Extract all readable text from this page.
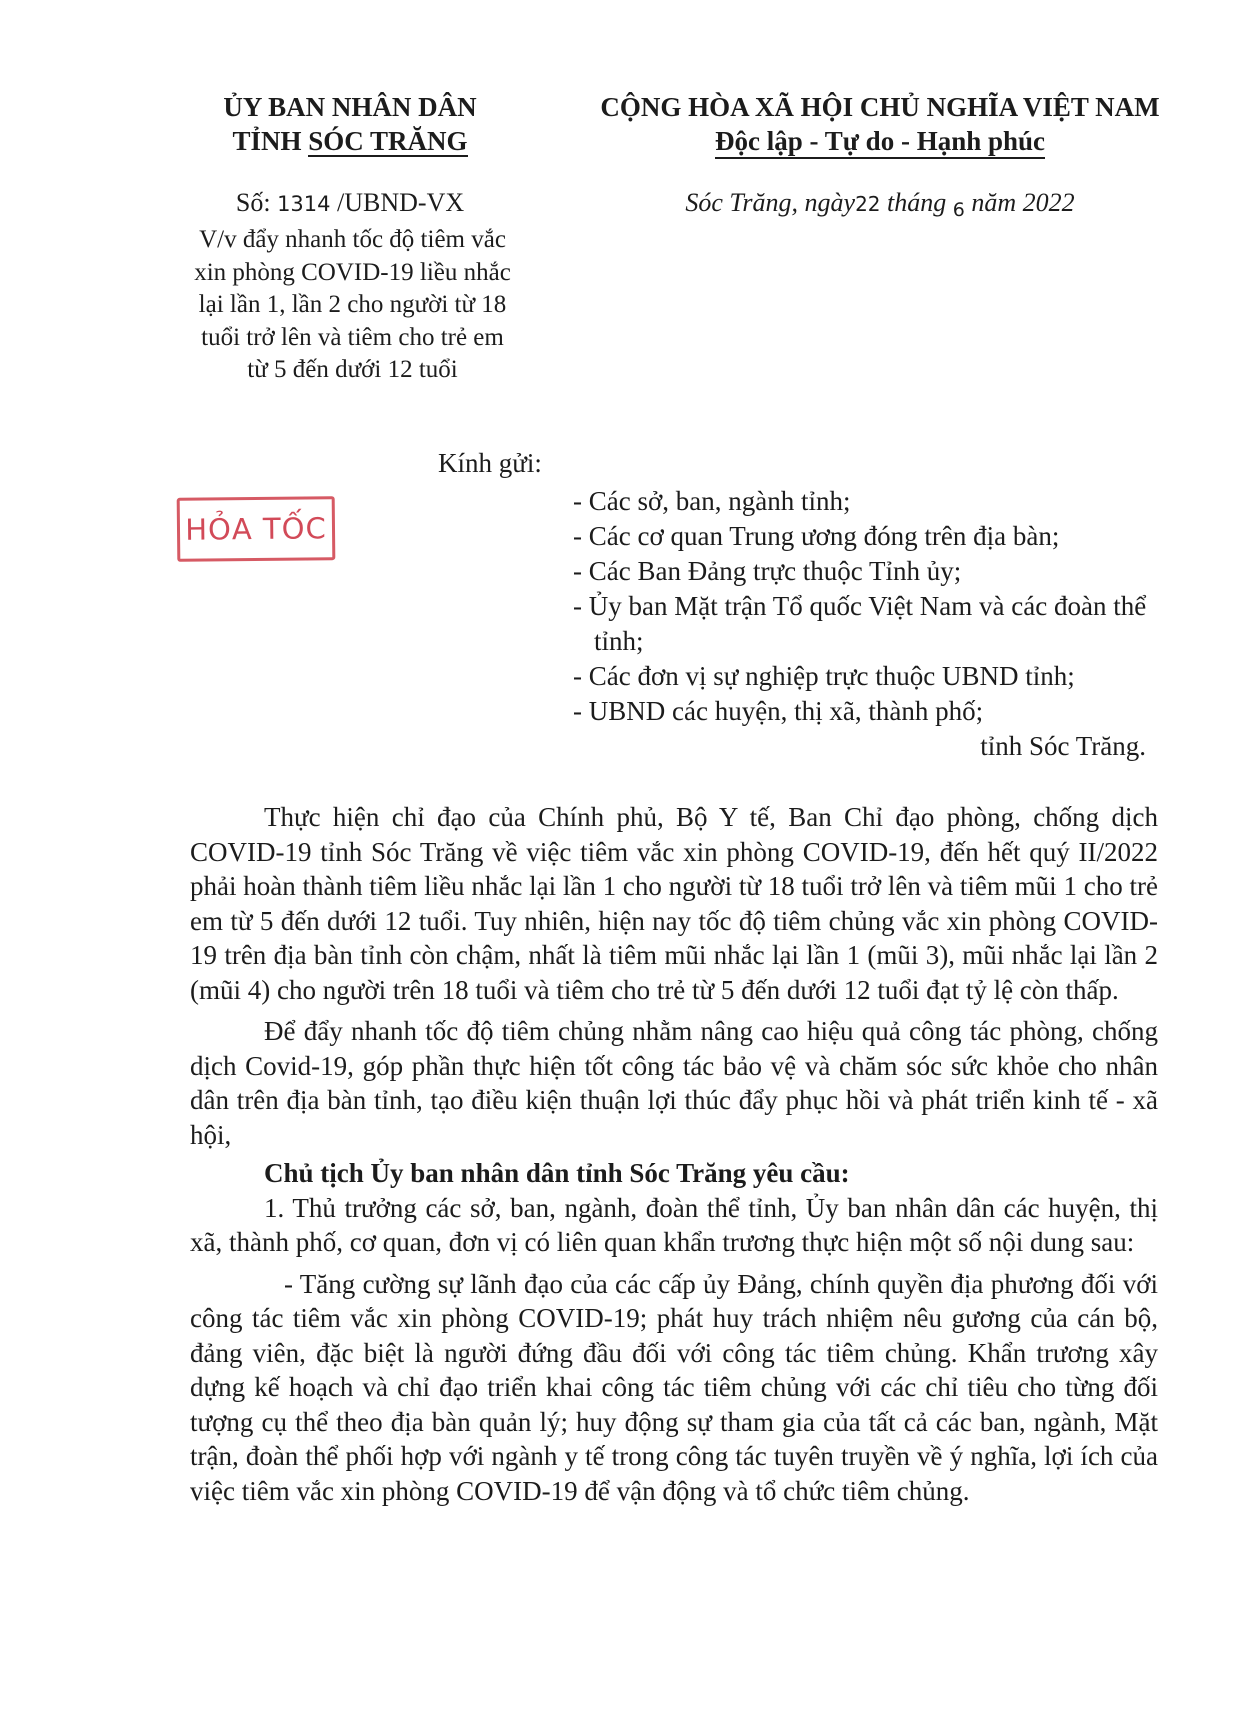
ỦY BAN NHÂN DÂN
TỈNH SÓC TRĂNG
CỘNG HÒA XÃ HỘI CHỦ NGHĨA VIỆT NAM
Độc lập - Tự do - Hạnh phúc
Số: 1314 /UBND-VX
V/v đẩy nhanh tốc độ tiêm vắc
xin phòng COVID-19 liều nhắc
lại lần 1, lần 2 cho người từ 18
tuổi trở lên và tiêm cho trẻ em
từ 5 đến dưới 12 tuổi
Sóc Trăng, ngày22 tháng 6 năm 2022
HỎA TỐC
Kính gửi:
- Các sở, ban, ngành tỉnh;
- Các cơ quan Trung ương đóng trên địa bàn;
- Các Ban Đảng trực thuộc Tỉnh ủy;
- Ủy ban Mặt trận Tổ quốc Việt Nam và các đoàn thể tỉnh;
- Các đơn vị sự nghiệp trực thuộc UBND tỉnh;
- UBND các huyện, thị xã, thành phố;
tỉnh Sóc Trăng.

Thực hiện chỉ đạo của Chính phủ, Bộ Y tế, Ban Chỉ đạo phòng, chống dịch COVID-19 tỉnh Sóc Trăng về việc tiêm vắc xin phòng COVID-19, đến hết quý II/2022 phải hoàn thành tiêm liều nhắc lại lần 1 cho người từ 18 tuổi trở lên và tiêm mũi 1 cho trẻ em từ 5 đến dưới 12 tuổi. Tuy nhiên, hiện nay tốc độ tiêm chủng vắc xin phòng COVID-19 trên địa bàn tỉnh còn chậm, nhất là tiêm mũi nhắc lại lần 1 (mũi 3), mũi nhắc lại lần 2 (mũi 4) cho người trên 18 tuổi và tiêm cho trẻ từ 5 đến dưới 12 tuổi đạt tỷ lệ còn thấp.

Để đẩy nhanh tốc độ tiêm chủng nhằm nâng cao hiệu quả công tác phòng, chống dịch Covid-19, góp phần thực hiện tốt công tác bảo vệ và chăm sóc sức khỏe cho nhân dân trên địa bàn tỉnh, tạo điều kiện thuận lợi thúc đẩy phục hồi và phát triển kinh tế - xã hội,

Chủ tịch Ủy ban nhân dân tỉnh Sóc Trăng yêu cầu:

1. Thủ trưởng các sở, ban, ngành, đoàn thể tỉnh, Ủy ban nhân dân các huyện, thị xã, thành phố, cơ quan, đơn vị có liên quan khẩn trương thực hiện một số nội dung sau:

- Tăng cường sự lãnh đạo của các cấp ủy Đảng, chính quyền địa phương đối với công tác tiêm vắc xin phòng COVID-19; phát huy trách nhiệm nêu gương của cán bộ, đảng viên, đặc biệt là người đứng đầu đối với công tác tiêm chủng. Khẩn trương xây dựng kế hoạch và chỉ đạo triển khai công tác tiêm chủng với các chỉ tiêu cho từng đối tượng cụ thể theo địa bàn quản lý; huy động sự tham gia của tất cả các ban, ngành, Mặt trận, đoàn thể phối hợp với ngành y tế trong công tác tuyên truyền về ý nghĩa, lợi ích của việc tiêm vắc xin phòng COVID-19 để vận động và tổ chức tiêm chủng.
